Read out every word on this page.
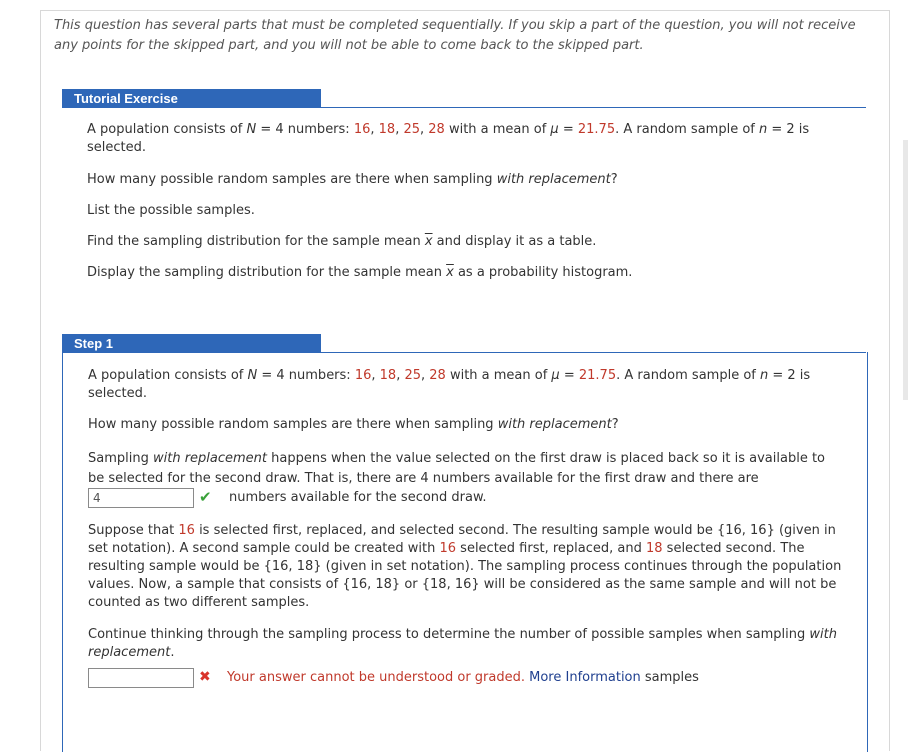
This question has several parts that must be completed sequentially. If you skip a part of the question, you will not receive any points for the skipped part, and you will not be able to come back to the skipped part.
Tutorial Exercise
A population consists of N = 4 numbers: 16, 18, 25, 28 with a mean of μ = 21.75. A random sample of n = 2 is selected.
How many possible random samples are there when sampling with replacement?
List the possible samples.
Find the sampling distribution for the sample mean $\overline{x}$ and display it as a table.
Display the sampling distribution for the sample mean $\overline{x}$ as a probability histogram.
Step 1
A population consists of N = 4 numbers: 16, 18, 25, 28 with a mean of μ = 21.75. A random sample of n = 2 is selected.
How many possible random samples are there when sampling with replacement?
Sampling with replacement happens when the value selected on the first draw is placed back so it is available to be selected for the second draw. That is, there are 4 numbers available for the first draw and there are
4	✔ numbers available for the second draw.
Suppose that 16 is selected first, replaced, and selected second. The resulting sample would be {16, 16} (given in set notation). A second sample could be created with 16 selected first, replaced, and 18 selected second. The resulting sample would be {16, 18} (given in set notation). The sampling process continues through the population values. Now, a sample that consists of {16, 18} or {18, 16} will be considered as the same sample and will not be counted as two different samples.
Continue thinking through the sampling process to determine the number of possible samples when sampling with replacement.
✖ Your answer cannot be understood or graded. More Information samples
